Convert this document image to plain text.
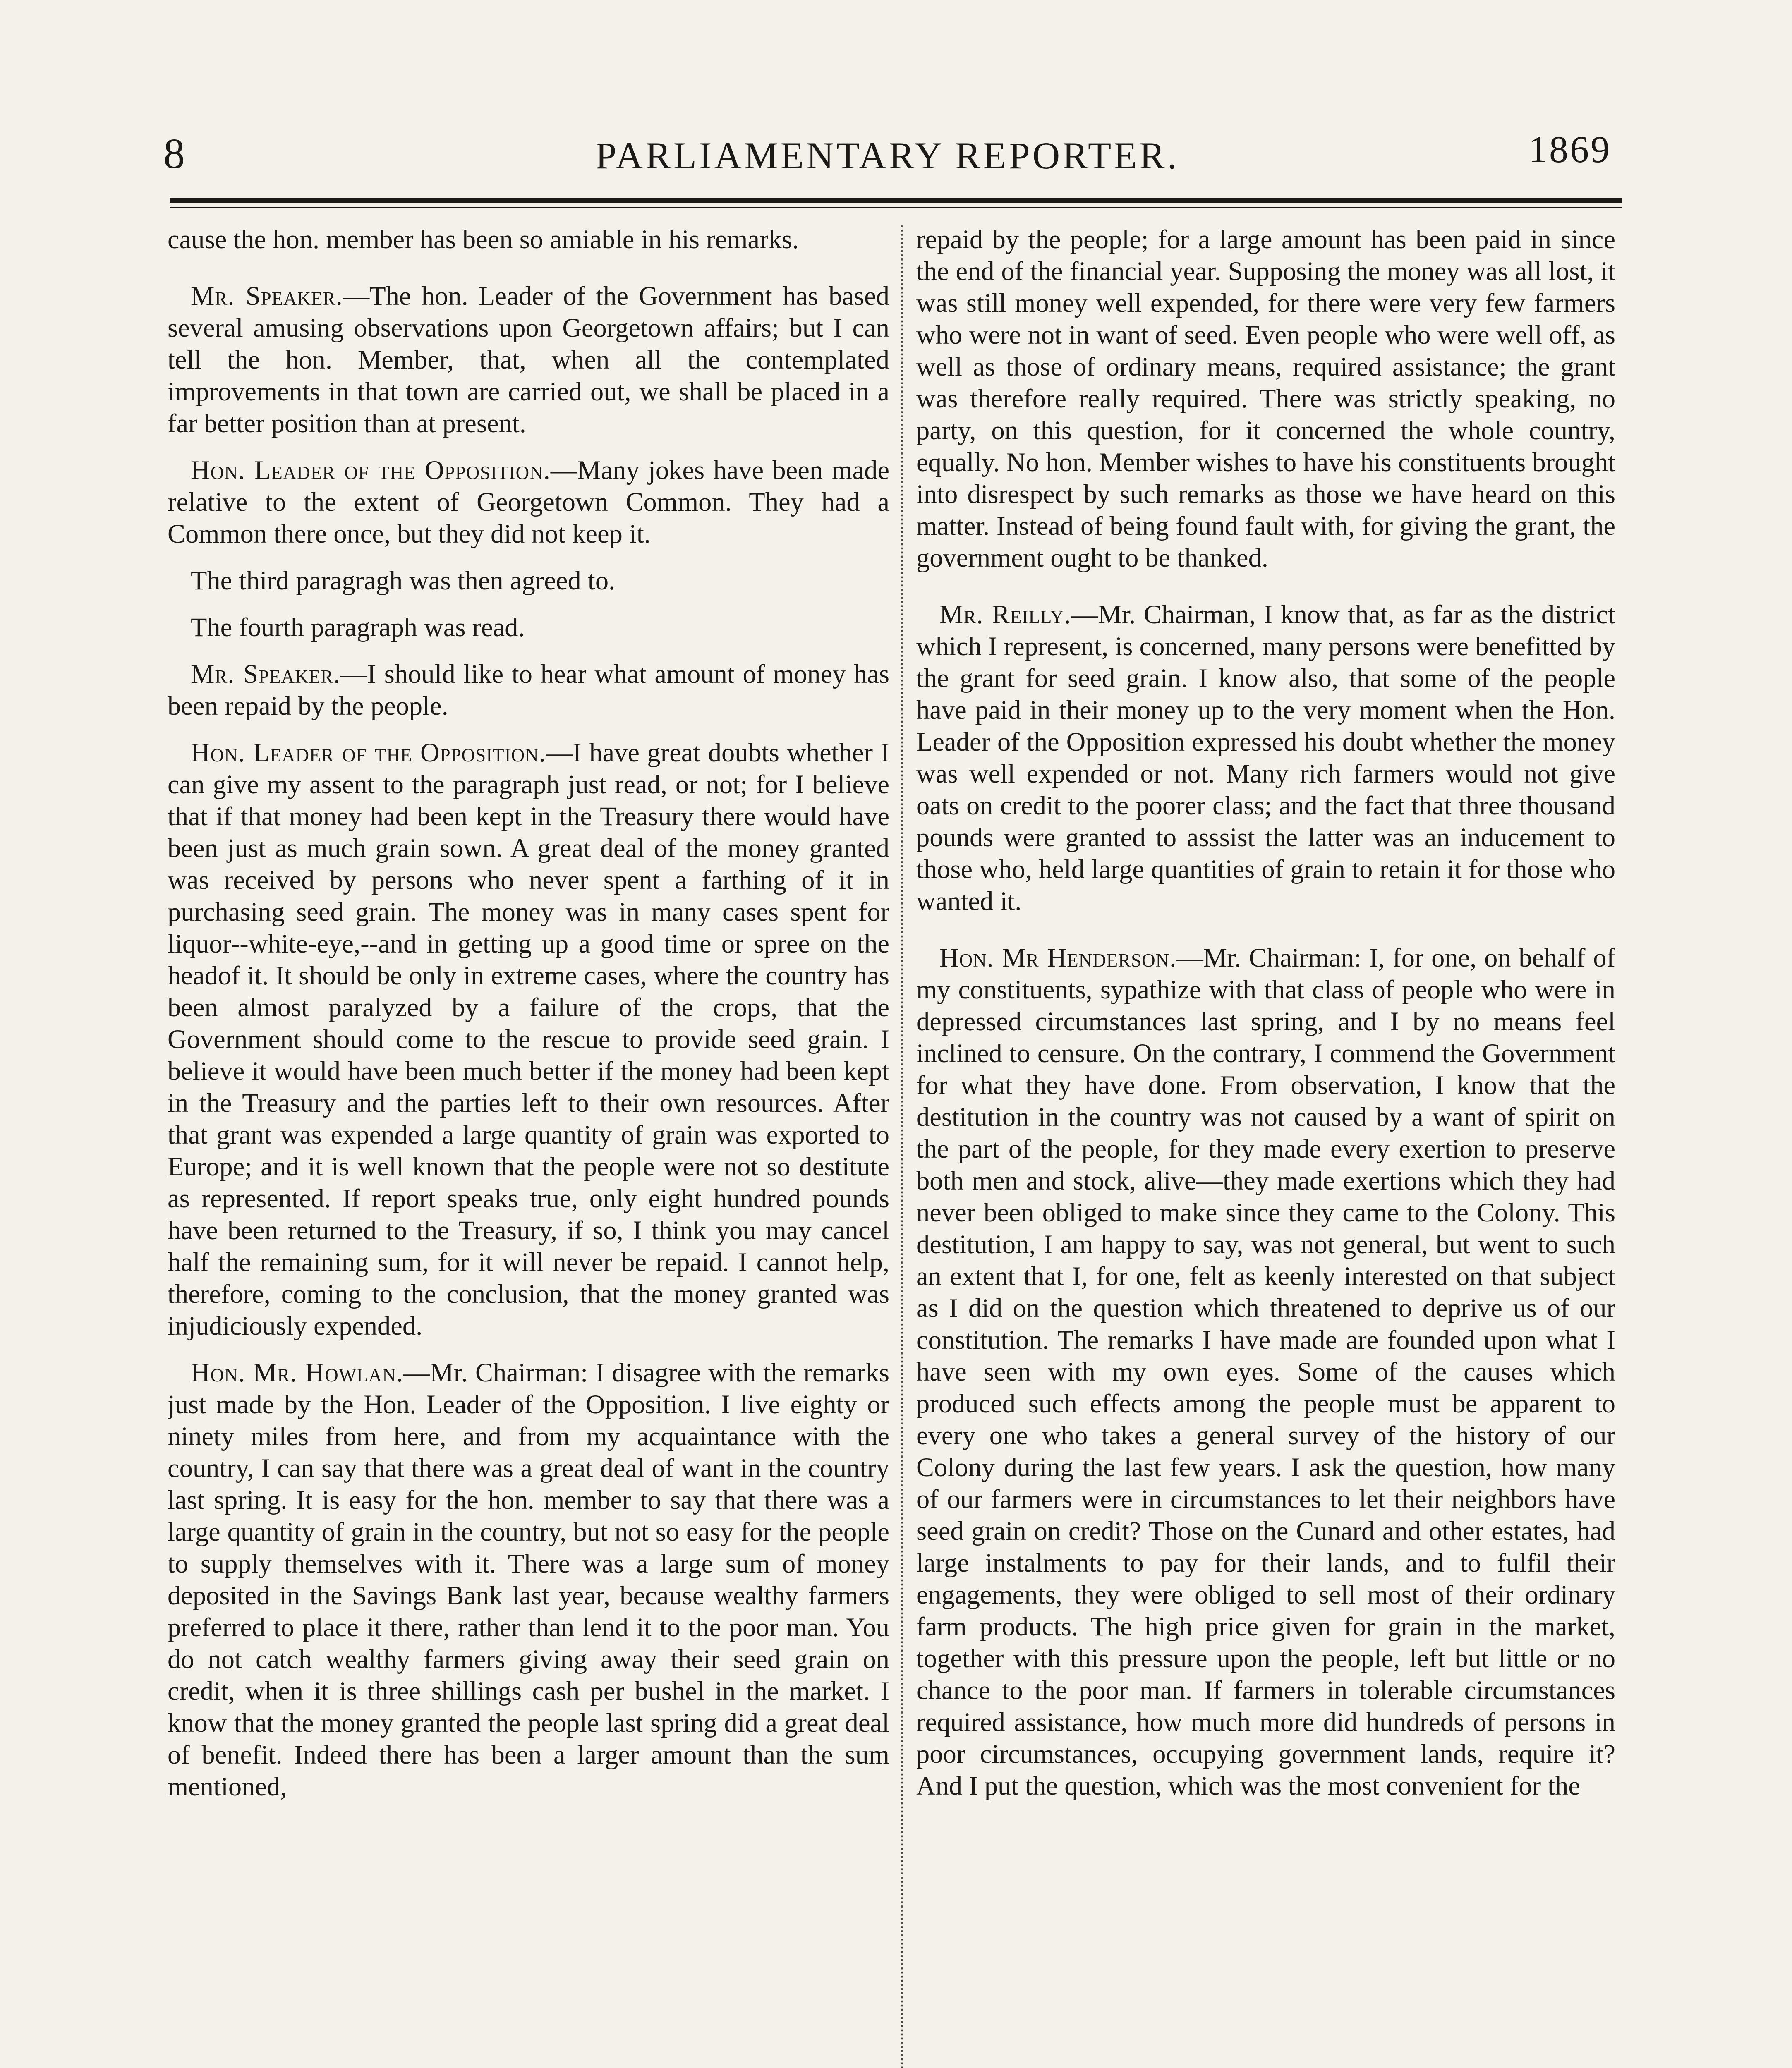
8	PARLIAMENTARY REPORTER.	1869

cause the hon. member has been so amiable in his remarks.

Mr. Speaker.—The hon. Leader of the Government has based several amusing observations upon Georgetown affairs; but I can tell the hon. Member, that, when all the contemplated improvements in that town are carried out, we shall be placed in a far better position than at present.

Hon. Leader of the Opposition.—Many jokes have been made relative to the extent of Georgetown Common. They had a Common there once, but they did not keep it.

The third paragragh was then agreed to.

The fourth paragraph was read.

Mr. Speaker.—I should like to hear what amount of money has been repaid by the people.

Hon. Leader of the Opposition.—I have great doubts whether I can give my assent to the paragraph just read, or not; for I believe that if that money had been kept in the Treasury there would have been just as much grain sown. A great deal of the money granted was received by persons who never spent a farthing of it in purchasing seed grain. The money was in many cases spent for liquor--white-eye,--and in getting up a good time or spree on the headof it. It should be only in extreme cases, where the country has been almost paralyzed by a failure of the crops, that the Government should come to the rescue to provide seed grain. I believe it would have been much better if the money had been kept in the Treasury and the parties left to their own resources. After that grant was expended a large quantity of grain was exported to Europe; and it is well known that the people were not so destitute as represented. If report speaks true, only eight hundred pounds have been returned to the Treasury, if so, I think you may cancel half the remaining sum, for it will never be repaid. I cannot help, therefore, coming to the conclusion, that the money granted was injudiciously expended.

Hon. Mr. Howlan.—Mr. Chairman: I disagree with the remarks just made by the Hon. Leader of the Opposition. I live eighty or ninety miles from here, and from my acquaintance with the country, I can say that there was a great deal of want in the country last spring. It is easy for the hon. member to say that there was a large quantity of grain in the country, but not so easy for the people to supply themselves with it. There was a large sum of money deposited in the Savings Bank last year, because wealthy farmers preferred to place it there, rather than lend it to the poor man. You do not catch wealthy farmers giving away their seed grain on credit, when it is three shillings cash per bushel in the market. I know that the money granted the people last spring did a great deal of benefit. Indeed there has been a larger amount than the sum mentioned,

repaid by the people; for a large amount has been paid in since the end of the financial year. Supposing the money was all lost, it was still money well expended, for there were very few farmers who were not in want of seed. Even people who were well off, as well as those of ordinary means, required assistance; the grant was therefore really required. There was strictly speaking, no party, on this question, for it concerned the whole country, equally. No hon. Member wishes to have his constituents brought into disrespect by such remarks as those we have heard on this matter. Instead of being found fault with, for giving the grant, the government ought to be thanked.

Mr. Reilly.—Mr. Chairman, I know that, as far as the district which I represent, is concerned, many persons were benefitted by the grant for seed grain. I know also, that some of the people have paid in their money up to the very moment when the Hon. Leader of the Opposition expressed his doubt whether the money was well expended or not. Many rich farmers would not give oats on credit to the poorer class; and the fact that three thousand pounds were granted to asssist the latter was an inducement to those who, held large quantities of grain to retain it for those who wanted it.

Hon. Mr Henderson.—Mr. Chairman: I, for one, on behalf of my constituents, sypathize with that class of people who were in depressed circumstances last spring, and I by no means feel inclined to censure. On the contrary, I commend the Government for what they have done. From observation, I know that the destitution in the country was not caused by a want of spirit on the part of the people, for they made every exertion to preserve both men and stock, alive—they made exertions which they had never been obliged to make since they came to the Colony. This destitution, I am happy to say, was not general, but went to such an extent that I, for one, felt as keenly interested on that subject as I did on the question which threatened to deprive us of our constitution. The remarks I have made are founded upon what I have seen with my own eyes. Some of the causes which produced such effects among the people must be apparent to every one who takes a general survey of the history of our Colony during the last few years. I ask the question, how many of our farmers were in circumstances to let their neighbors have seed grain on credit? Those on the Cunard and other estates, had large instalments to pay for their lands, and to fulfil their engagements, they were obliged to sell most of their ordinary farm products. The high price given for grain in the market, together with this pressure upon the people, left but little or no chance to the poor man. If farmers in tolerable circumstances required assistance, how much more did hundreds of persons in poor circumstances, occupying government lands, require it? And I put the question, which was the most convenient for the
